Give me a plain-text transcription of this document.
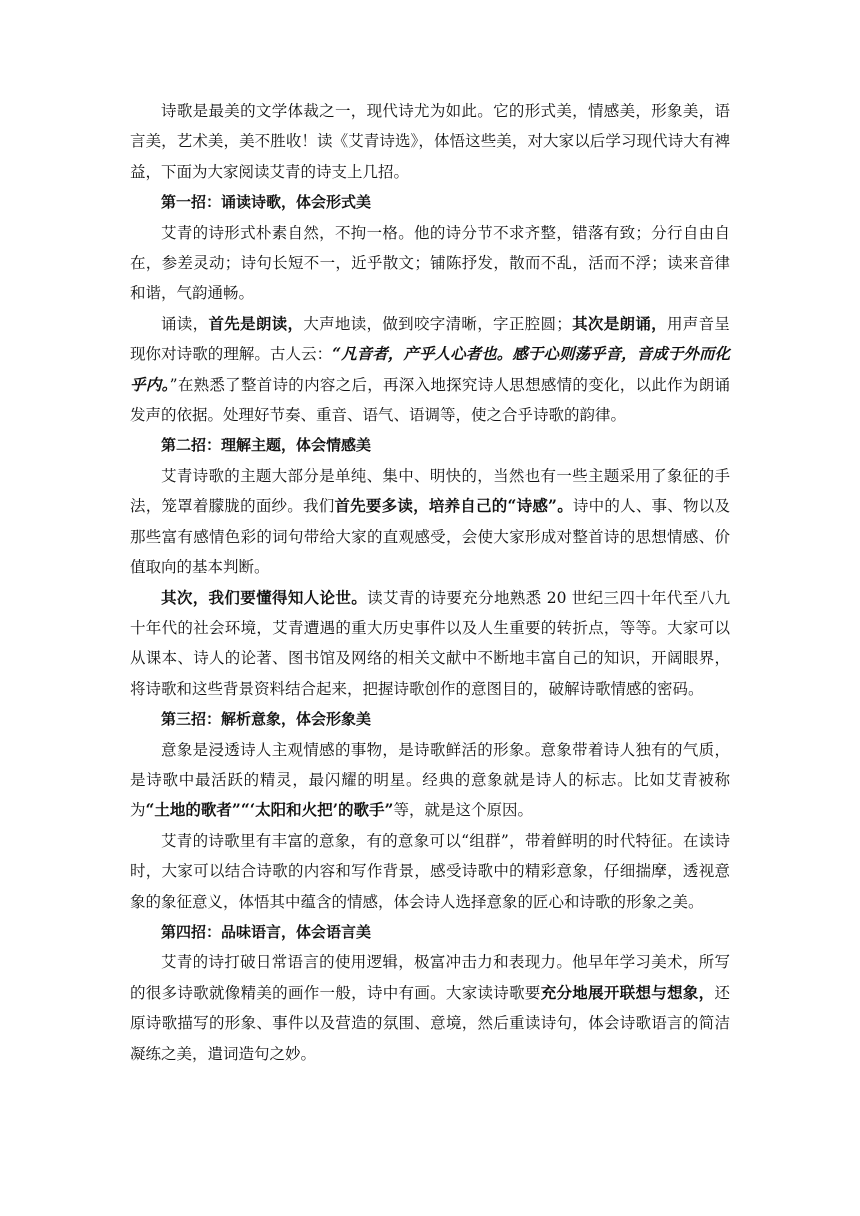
诗歌是最美的文学体裁之一，现代诗尤为如此。它的形式美，情感美，形象美，语言美，艺术美，美不胜收！读《艾青诗选》，体悟这些美，对大家以后学习现代诗大有裨益，下面为大家阅读艾青的诗支上几招。

第一招：诵读诗歌，体会形式美

艾青的诗形式朴素自然，不拘一格。他的诗分节不求齐整，错落有致；分行自由自在，参差灵动；诗句长短不一，近乎散文；铺陈抒发，散而不乱，活而不浮；读来音律和谐，气韵通畅。

诵读，首先是朗读，大声地读，做到咬字清晰，字正腔圆；其次是朗诵，用声音呈现你对诗歌的理解。古人云：“凡音者，产乎人心者也。感于心则荡乎音，音成于外而化乎内。”在熟悉了整首诗的内容之后，再深入地探究诗人思想感情的变化，以此作为朗诵发声的依据。处理好节奏、重音、语气、语调等，使之合乎诗歌的韵律。

第二招：理解主题，体会情感美

艾青诗歌的主题大部分是单纯、集中、明快的，当然也有一些主题采用了象征的手法，笼罩着朦胧的面纱。我们首先要多读，培养自己的“诗感”。诗中的人、事、物以及那些富有感情色彩的词句带给大家的直观感受，会使大家形成对整首诗的思想情感、价值取向的基本判断。

其次，我们要懂得知人论世。读艾青的诗要充分地熟悉 20 世纪三四十年代至八九十年代的社会环境，艾青遭遇的重大历史事件以及人生重要的转折点，等等。大家可以从课本、诗人的论著、图书馆及网络的相关文献中不断地丰富自己的知识，开阔眼界，将诗歌和这些背景资料结合起来，把握诗歌创作的意图目的，破解诗歌情感的密码。

第三招：解析意象，体会形象美

意象是浸透诗人主观情感的事物，是诗歌鲜活的形象。意象带着诗人独有的气质，是诗歌中最活跃的精灵，最闪耀的明星。经典的意象就是诗人的标志。比如艾青被称为“土地的歌者”“‘太阳和火把’的歌手”等，就是这个原因。

艾青的诗歌里有丰富的意象，有的意象可以“组群”，带着鲜明的时代特征。在读诗时，大家可以结合诗歌的内容和写作背景，感受诗歌中的精彩意象，仔细揣摩，透视意象的象征意义，体悟其中蕴含的情感，体会诗人选择意象的匠心和诗歌的形象之美。

第四招：品味语言，体会语言美

艾青的诗打破日常语言的使用逻辑，极富冲击力和表现力。他早年学习美术，所写的很多诗歌就像精美的画作一般，诗中有画。大家读诗歌要充分地展开联想与想象，还原诗歌描写的形象、事件以及营造的氛围、意境，然后重读诗句，体会诗歌语言的简洁凝练之美，遣词造句之妙。
